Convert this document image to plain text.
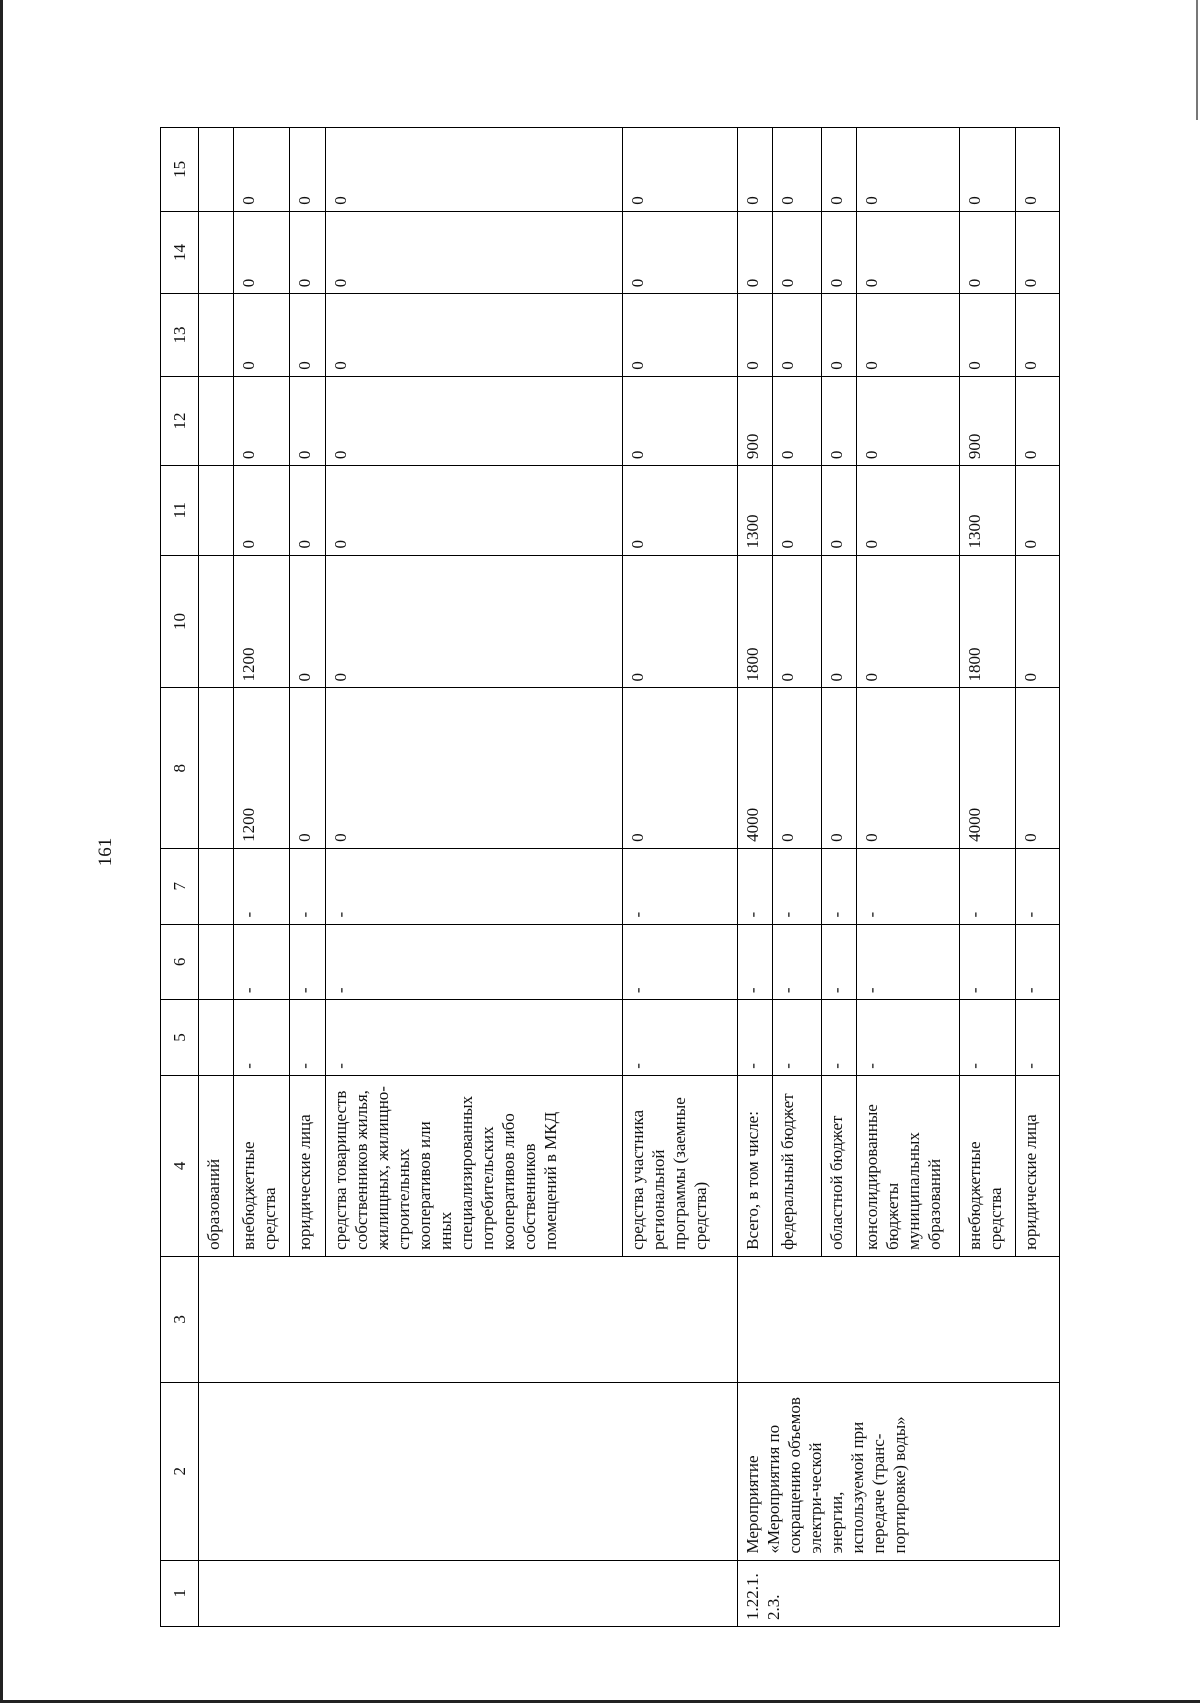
161
1	2	3	4	5	6	7	8	10	11	12	13	14	15
			образований										
			внебюджетные средства	-	-	-	1200	1200	0	0	0	0	0
			юридические лица	-	-	-	0	0	0	0	0	0	0
			средства товариществ собственников жилья, жилищных, жилищно-строительных кооперативов или иных специализированных потребительских кооперативов либо собственников помещений в МКД	-	-	-	0	0	0	0	0	0	0
			средства участника региональной программы (заемные средства)	-	-	-	0	0	0	0	0	0	0
1.22.1.2.3.	Мероприятие «Мероприятия по сокращению объемов электри-ческой энергии, используемой при передаче (транс-портировке) воды»		Всего, в том числе:	-	-	-	4000	1800	1300	900	0	0	0
			федеральный бюджет	-	-	-	0	0	0	0	0	0	0
			областной бюджет	-	-	-	0	0	0	0	0	0	0
			консолидированные бюджеты муниципальных образований	-	-	-	0	0	0	0	0	0	0
			внебюджетные средства	-	-	-	4000	1800	1300	900	0	0	0
			юридические лица	-	-	-	0	0	0	0	0	0	0
